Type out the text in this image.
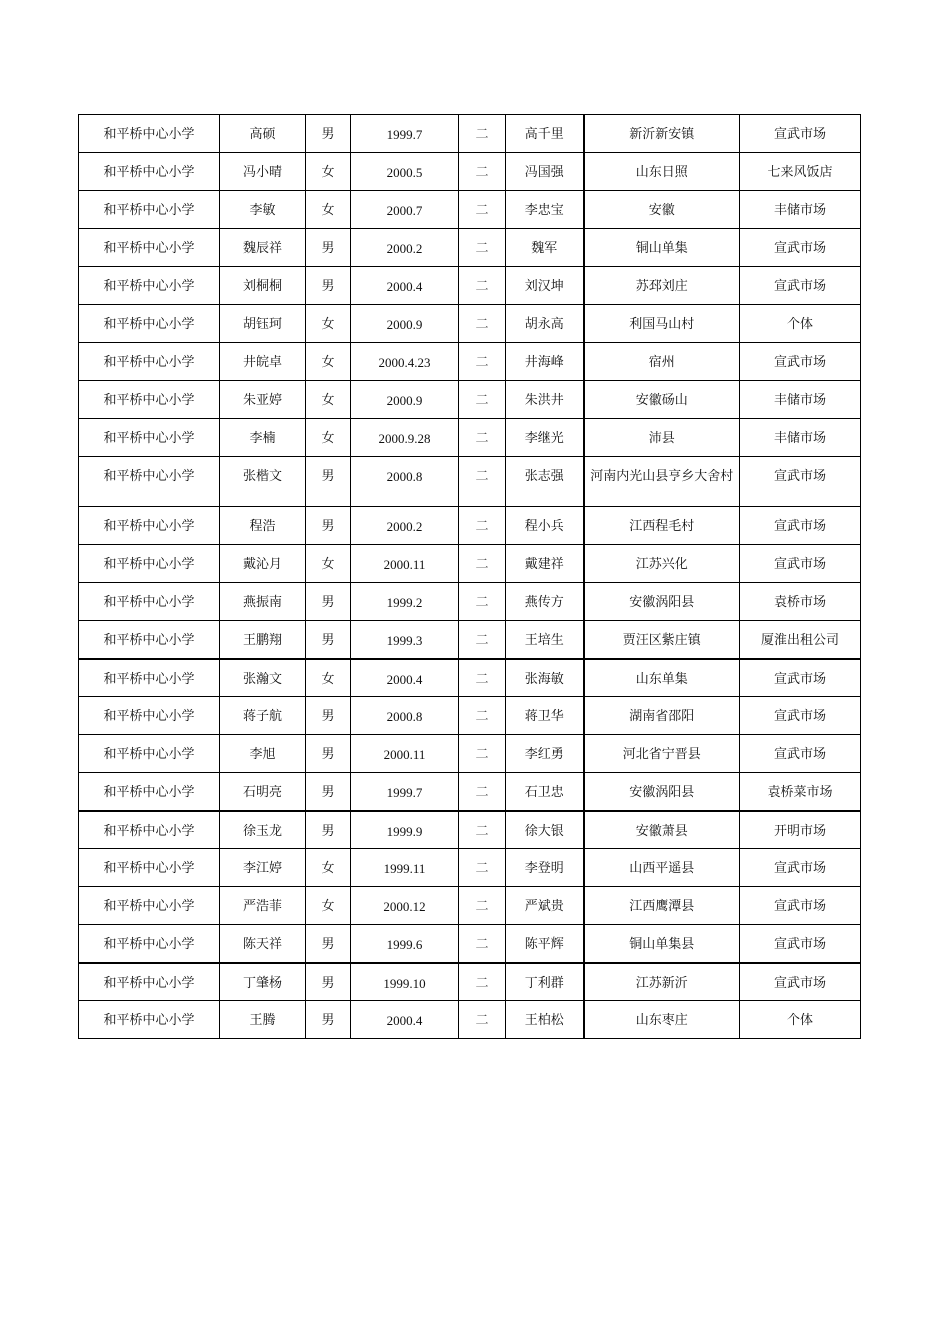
和平桥中心小学	高硕	男	1999.7	二	高千里	新沂新安镇	宣武市场
和平桥中心小学	冯小晴	女	2000.5	二	冯国强	山东日照	七来风饭店
和平桥中心小学	李敏	女	2000.7	二	李忠宝	安徽	丰储市场
和平桥中心小学	魏辰祥	男	2000.2	二	魏军	铜山单集	宣武市场
和平桥中心小学	刘桐桐	男	2000.4	二	刘汉坤	苏邳刘庄	宣武市场
和平桥中心小学	胡钰珂	女	2000.9	二	胡永高	利国马山村	个体
和平桥中心小学	井皖卓	女	2000.4.23	二	井海峰	宿州	宣武市场
和平桥中心小学	朱亚婷	女	2000.9	二	朱洪井	安徽砀山	丰储市场
和平桥中心小学	李楠	女	2000.9.28	二	李继光	沛县	丰储市场
和平桥中心小学	张楷文	男	2000.8	二	张志强	河南内光山县亨乡大舍村	宣武市场
和平桥中心小学	程浩	男	2000.2	二	程小兵	江西程毛村	宣武市场
和平桥中心小学	戴沁月	女	2000.11	二	戴建祥	江苏兴化	宣武市场
和平桥中心小学	燕振南	男	1999.2	二	燕传方	安徽涡阳县	袁桥市场
和平桥中心小学	王鹏翔	男	1999.3	二	王培生	贾汪区紫庄镇	厦淮出租公司
和平桥中心小学	张瀚文	女	2000.4	二	张海敏	山东单集	宣武市场
和平桥中心小学	蒋子航	男	2000.8	二	蒋卫华	湖南省邵阳	宣武市场
和平桥中心小学	李旭	男	2000.11	二	李红勇	河北省宁晋县	宣武市场
和平桥中心小学	石明亮	男	1999.7	二	石卫忠	安徽涡阳县	袁桥菜市场
和平桥中心小学	徐玉龙	男	1999.9	二	徐大银	安徽萧县	开明市场
和平桥中心小学	李江婷	女	1999.11	二	李登明	山西平遥县	宣武市场
和平桥中心小学	严浩菲	女	2000.12	二	严斌贵	江西鹰潭县	宣武市场
和平桥中心小学	陈天祥	男	1999.6	二	陈平辉	铜山单集县	宣武市场
和平桥中心小学	丁肇杨	男	1999.10	二	丁利群	江苏新沂	宣武市场
和平桥中心小学	王腾	男	2000.4	二	王柏松	山东枣庄	个体
